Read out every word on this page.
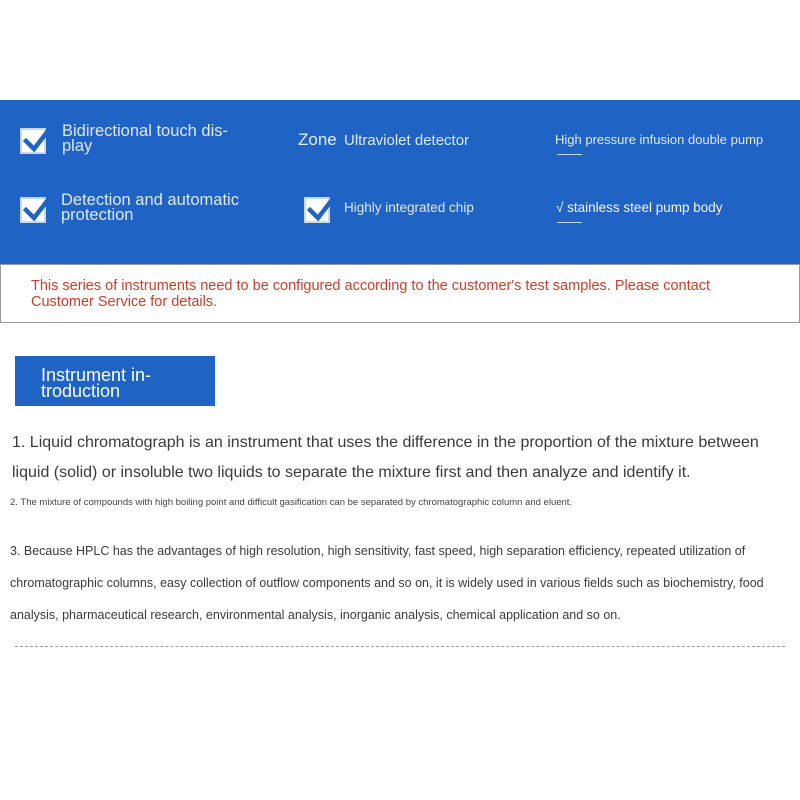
Bidirectional touch dis-
play	Zone Ultraviolet detector	High pressure infusion double pump
Detection and automatic
protection	Highly integrated chip	√ stainless steel pump body

This series of instruments need to be configured according to the customer's test samples. Please contact Customer Service for details.

Instrument in-
troduction

1. Liquid chromatograph is an instrument that uses the difference in the proportion of the mixture between liquid (solid) or insoluble two liquids to separate the mixture first and then analyze and identify it.

2. The mixture of compounds with high boiling point and difficult gasification can be separated by chromatographic column and eluent.

3. Because HPLC has the advantages of high resolution, high sensitivity, fast speed, high separation efficiency, repeated utilization of chromatographic columns, easy collection of outflow components and so on, it is widely used in various fields such as biochemistry, food analysis, pharmaceutical research, environmental analysis, inorganic analysis, chemical application and so on.
